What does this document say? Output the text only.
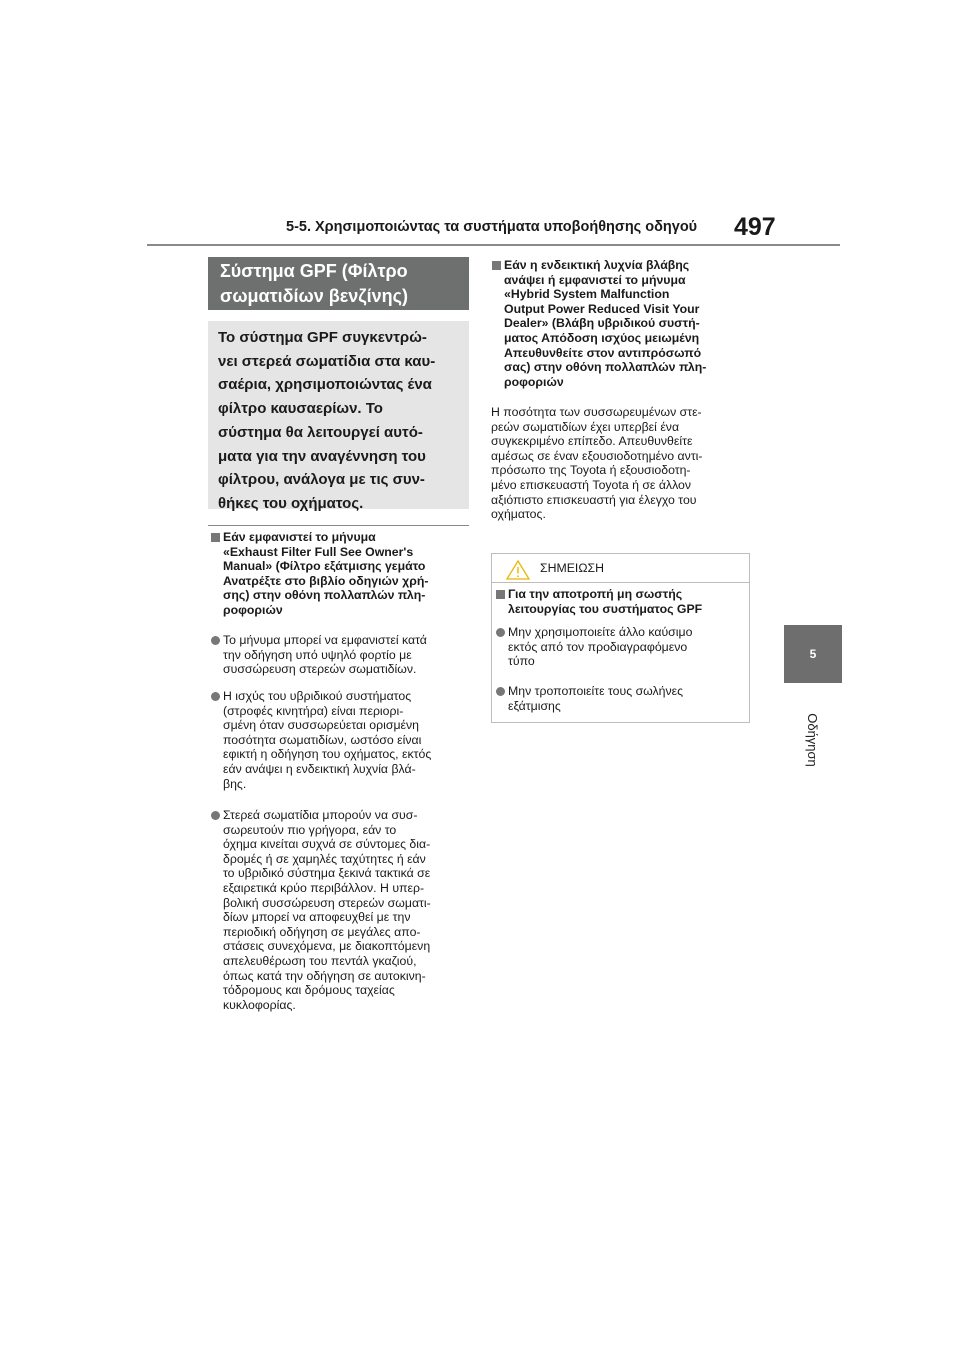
5-5. Χρησιμοποιώντας τα συστήματα υποβοήθησης οδηγού 497
5
Οδήγηση
Σύστημα GPF (Φίλτρο
σωματιδίων βενζίνης)
Το σύστημα GPF συγκεντρώ-
νει στερεά σωματίδια στα καυ-
σαέρια, χρησιμοποιώντας ένα
φίλτρο καυσαερίων. Το
σύστημα θα λειτουργεί αυτό-
ματα για την αναγέννηση του
φίλτρου, ανάλογα με τις συν-
θήκες του οχήματος.
Εάν εμφανιστεί το μήνυμα
«Exhaust Filter Full See Owner's
Manual» (Φίλτρο εξάτμισης γεμάτο
Ανατρέξτε στο βιβλίο οδηγιών χρή-
σης) στην οθόνη πολλαπλών πλη-
ροφοριών
Το μήνυμα μπορεί να εμφανιστεί κατά
την οδήγηση υπό υψηλό φορτίο με
συσσώρευση στερεών σωματιδίων.
Η ισχύς του υβριδικού συστήματος
(στροφές κινητήρα) είναι περιορι-
σμένη όταν συσσωρεύεται ορισμένη
ποσότητα σωματιδίων, ωστόσο είναι
εφικτή η οδήγηση του οχήματος, εκτός
εάν ανάψει η ενδεικτική λυχνία βλά-
βης.
Στερεά σωματίδια μπορούν να συσ-
σωρευτούν πιο γρήγορα, εάν το
όχημα κινείται συχνά σε σύντομες δια-
δρομές ή σε χαμηλές ταχύτητες ή εάν
το υβριδικό σύστημα ξεκινά τακτικά σε
εξαιρετικά κρύο περιβάλλον. Η υπερ-
βολική συσσώρευση στερεών σωματι-
δίων μπορεί να αποφευχθεί με την
περιοδική οδήγηση σε μεγάλες απο-
στάσεις συνεχόμενα, με διακοπτόμενη
απελευθέρωση του πεντάλ γκαζιού,
όπως κατά την οδήγηση σε αυτοκινη-
τόδρομους και δρόμους ταχείας
κυκλοφορίας.
Εάν η ενδεικτική λυχνία βλάβης
ανάψει ή εμφανιστεί το μήνυμα
«Hybrid System Malfunction
Output Power Reduced Visit Your
Dealer» (Βλάβη υβριδικού συστή-
ματος Απόδοση ισχύος μειωμένη
Απευθυνθείτε στον αντιπρόσωπό
σας) στην οθόνη πολλαπλών πλη-
ροφοριών
Η ποσότητα των συσσωρευμένων στε-
ρεών σωματιδίων έχει υπερβεί ένα
συγκεκριμένο επίπεδο. Απευθυνθείτε
αμέσως σε έναν εξουσιοδοτημένο αντι-
πρόσωπο της Toyota ή εξουσιοδοτη-
μένο επισκευαστή Toyota ή σε άλλον
αξιόπιστο επισκευαστή για έλεγχο του
οχήματος.
ΣΗΜΕΙΩΣΗ
Για την αποτροπή μη σωστής
λειτουργίας του συστήματος GPF
Μην χρησιμοποιείτε άλλο καύσιμο
εκτός από τον προδιαγραφόμενο
τύπο
Μην τροποποιείτε τους σωλήνες
εξάτμισης
